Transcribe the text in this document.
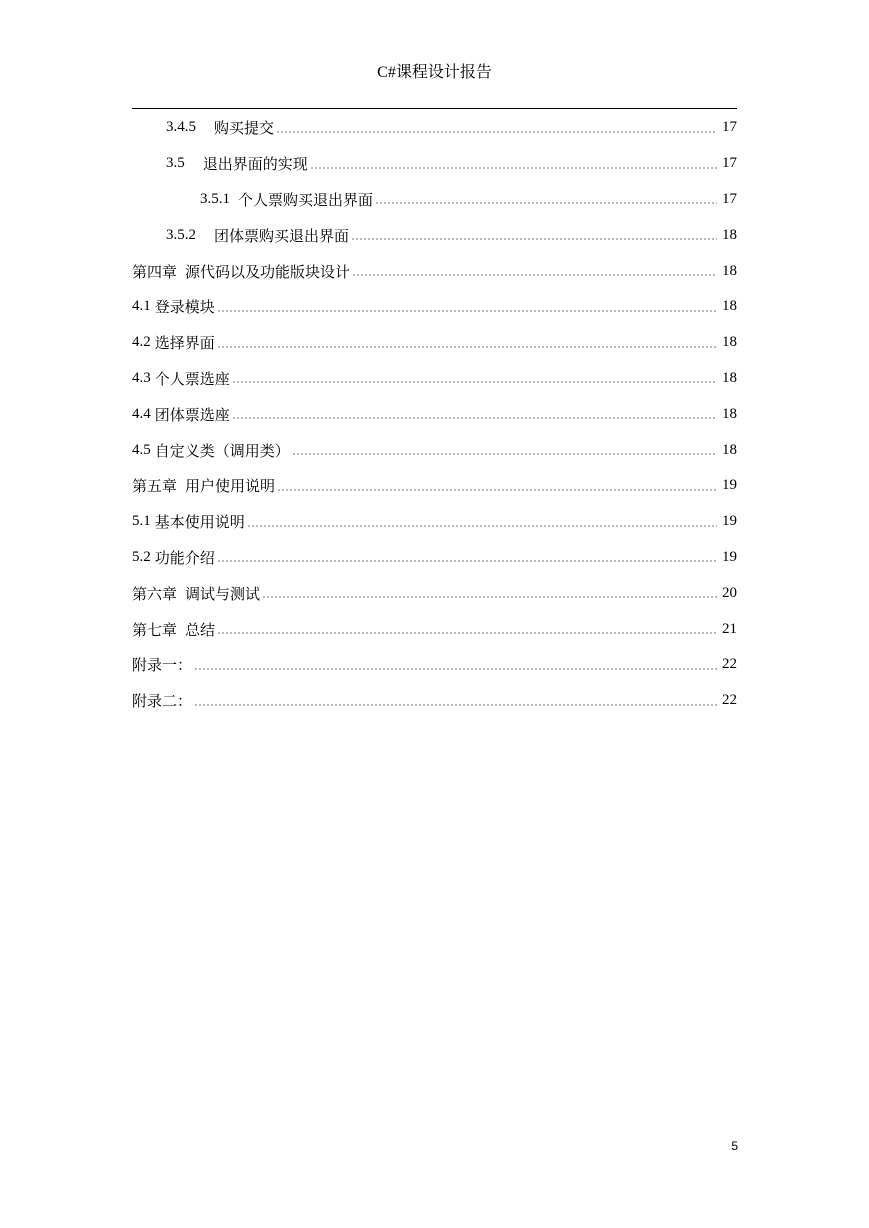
C#课程设计报告
3.4.5 购买提交	17
3.5 退出界面的实现	17
3.5.1 个人票购买退出界面	17
3.5.2 团体票购买退出界面	18
第四章 源代码以及功能版块设计	18
4.1 登录模块	18
4.2 选择界面	18
4.3 个人票选座	18
4.4 团体票选座	18
4.5 自定义类（调用类）	18
第五章 用户使用说明	19
5.1 基本使用说明	19
5.2 功能介绍	19
第六章 调试与测试	20
第七章 总结	21
附录一：	22
附录二：	22
5
